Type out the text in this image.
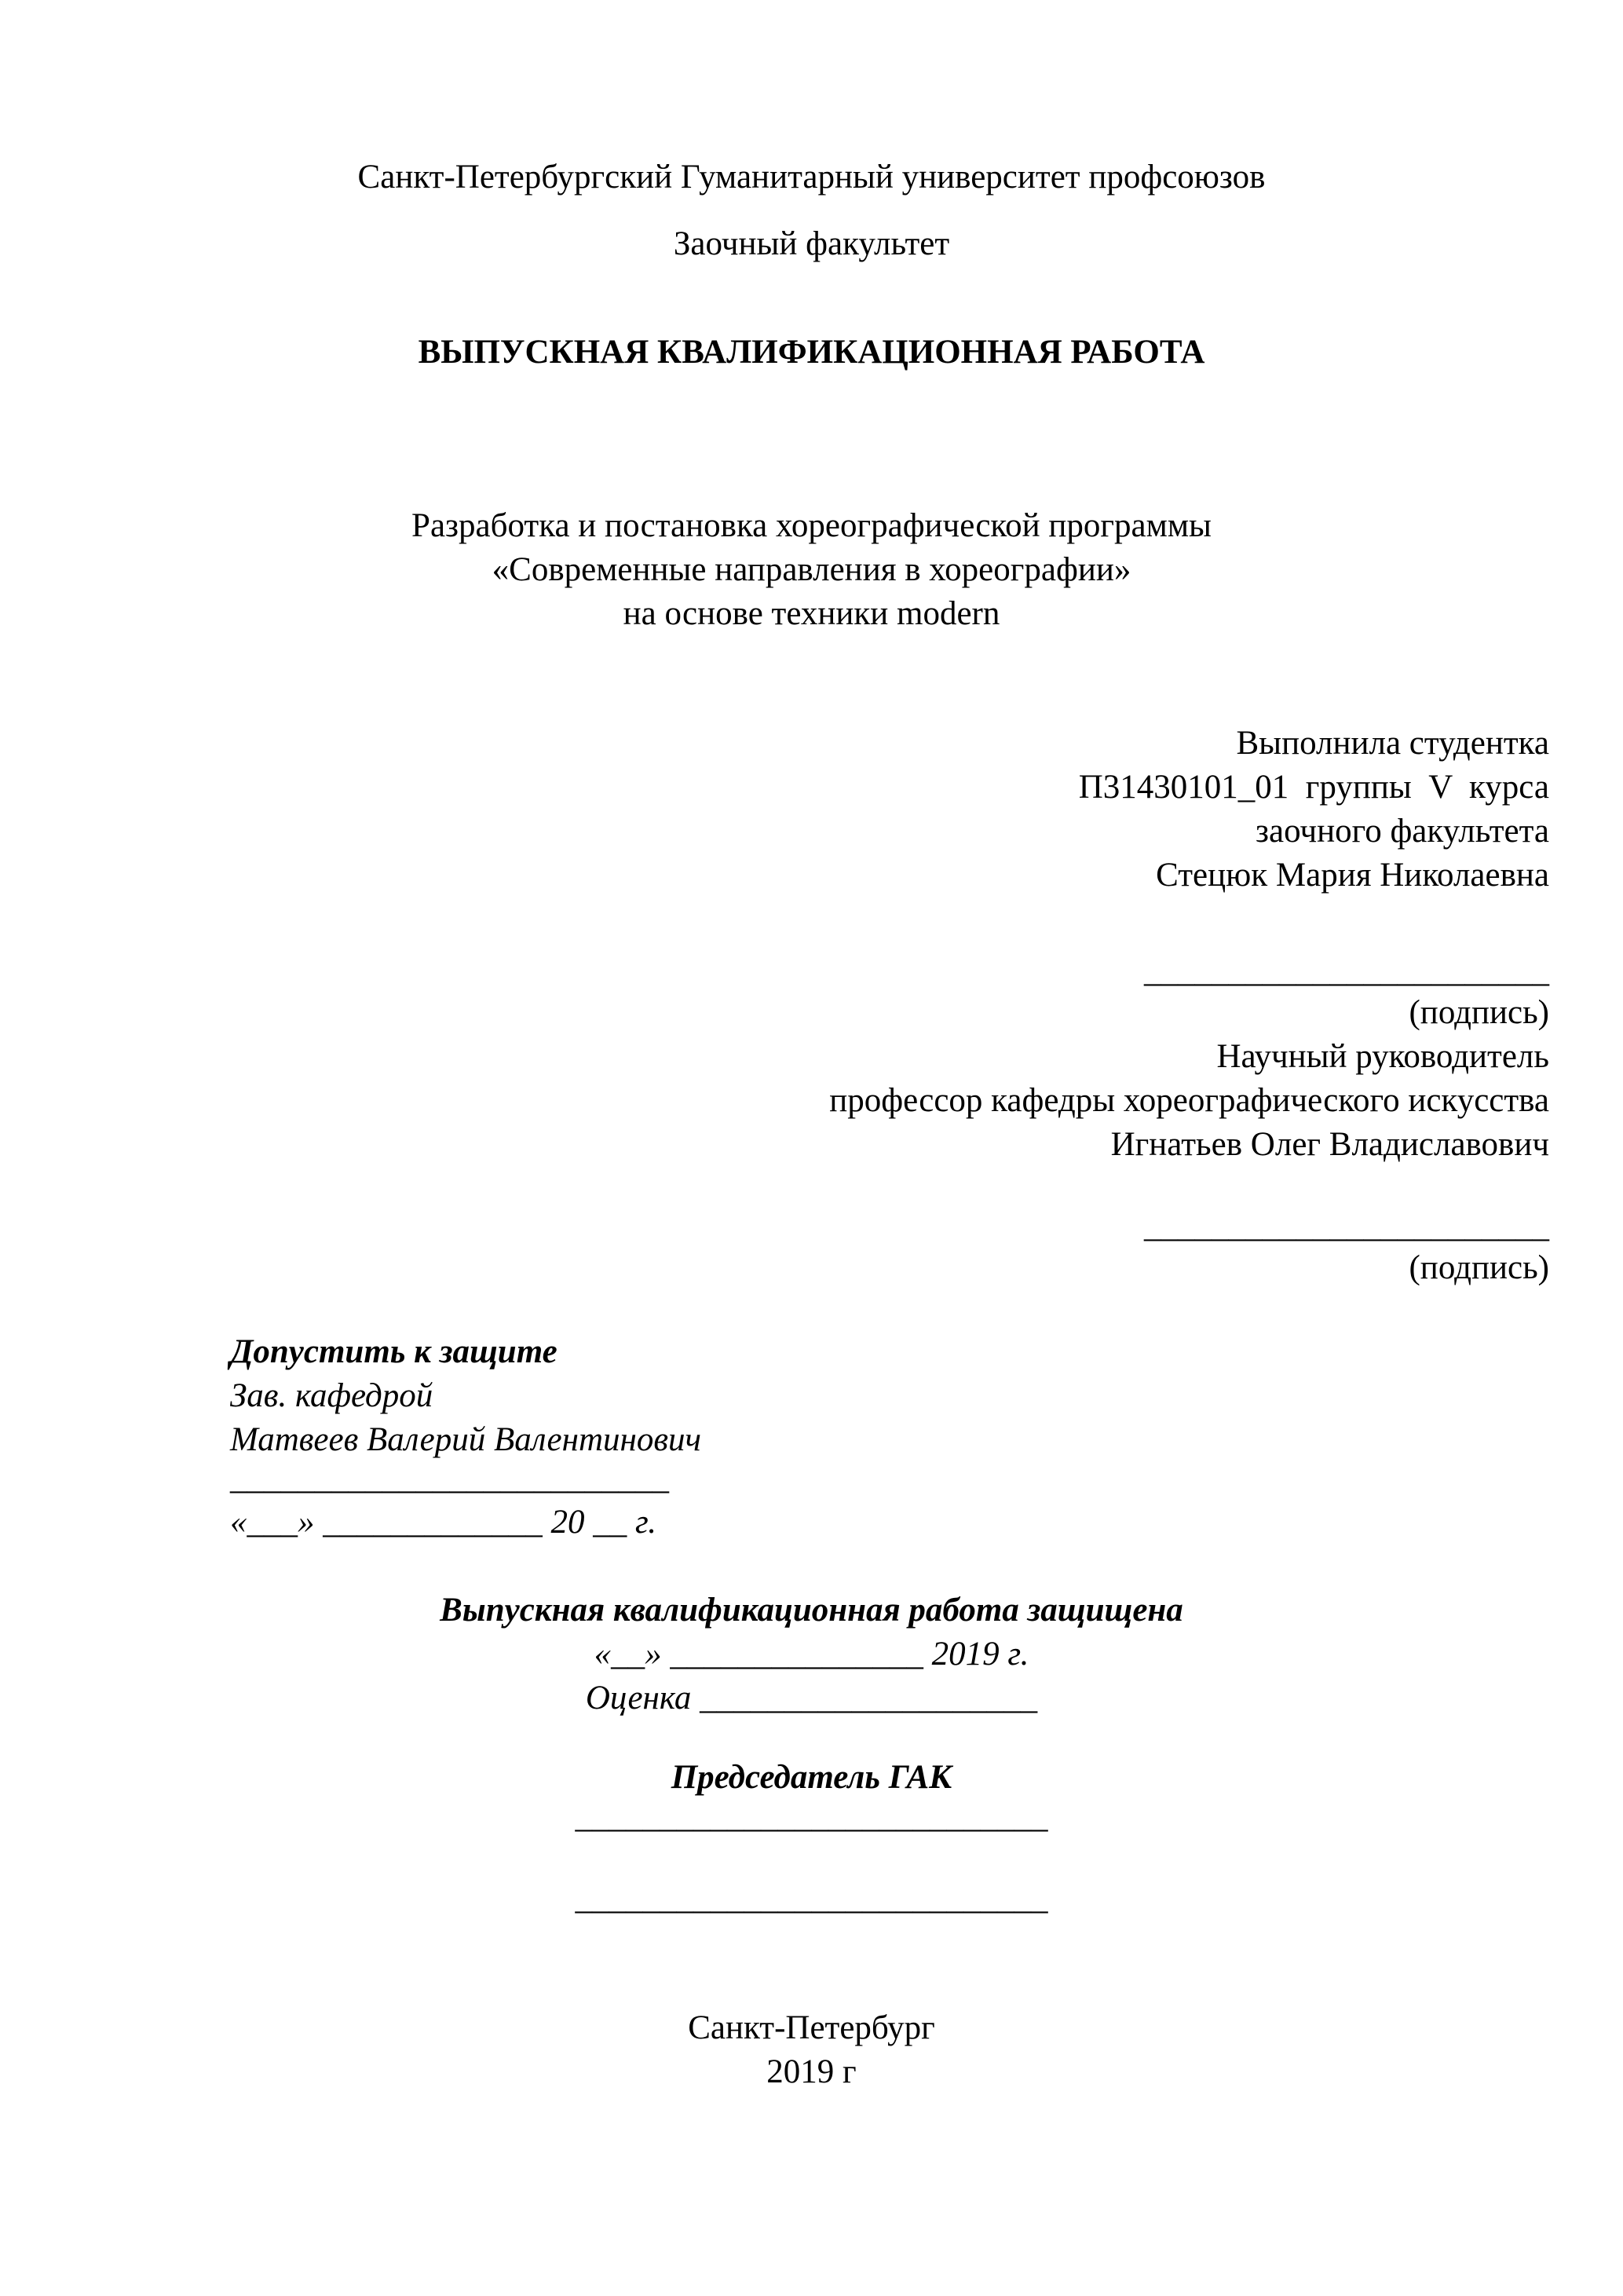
Санкт-Петербургский Гуманитарный университет профсоюзов
Заочный факультет
ВЫПУСКНАЯ КВАЛИФИКАЦИОННАЯ РАБОТА
Разработка и постановка хореографической программы
«Современные направления в хореографии»
на основе техники modern
Выполнила студентка
П31430101_01  группы  V  курса
заочного факультета
Стецюк Мария Николаевна
________________________
(подпись)
Научный руководитель
профессор кафедры хореографического искусства
Игнатьев Олег Владиславович
________________________
(подпись)
Допустить к защите
Зав. кафедрой
Матвеев Валерий Валентинович
__________________________
«___» _____________ 20 __ г.
Выпускная квалификационная работа защищена
«__» _______________ 2019 г.
Оценка ____________________
Председатель ГАК
____________________________
____________________________
Санкт-Петербург
2019 г
